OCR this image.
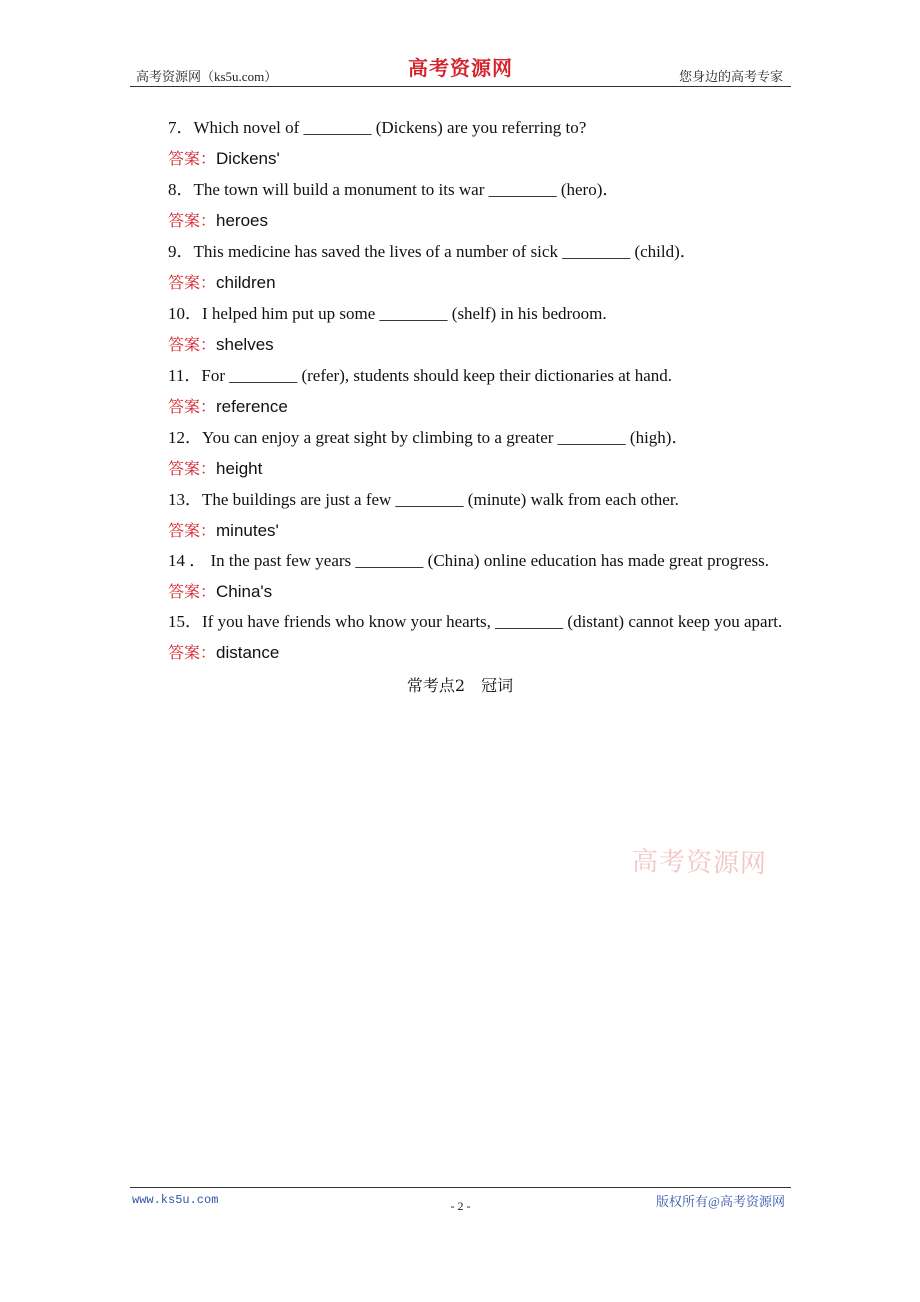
高考资源网（ks5u.com）	高考资源网	您身边的高考专家
7．Which novel of ________ (Dickens) are you referring to?
答案：Dickens'
8．The town will build a monument to its war ________ (hero)．
答案：heroes
9．This medicine has saved the lives of a number of sick ________ (child)．
答案：children
10．I helped him put up some ________ (shelf) in his bedroom.
答案：shelves
11．For ________ (refer), students should keep their dictionaries at hand.
答案：reference
12．You can enjoy a great sight by climbing to a greater ________ (high)．
答案：height
13．The buildings are just a few ________ (minute) walk from each other.
答案：minutes'
14 ． In the past few years ________ (China) online education has made great progress.
答案：China's
15．If you have friends who know your hearts, ________ (distant) cannot keep you apart.
答案：distance
常考点2　冠词
高考资源网
www.ks5u.com	- 2 -	版权所有@高考资源网
